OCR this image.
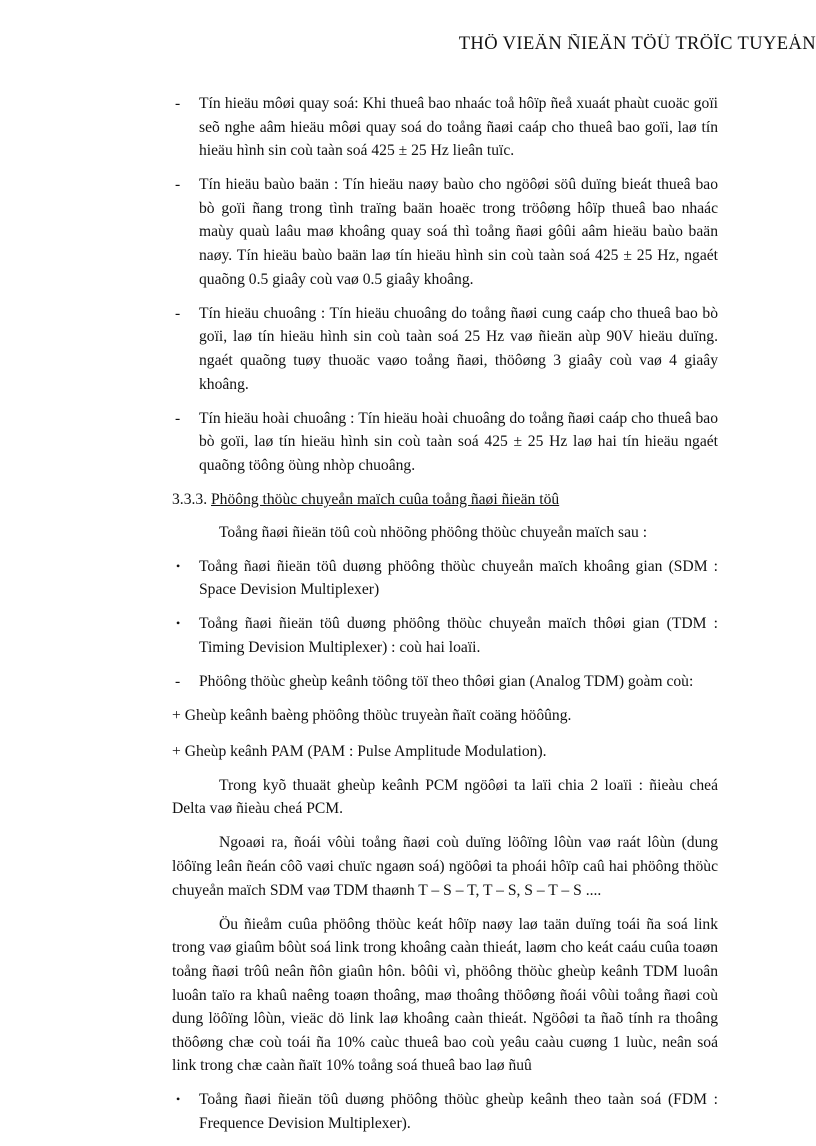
THÖ VIEÄN ÑIEÄN TÖÛ TRÖÏC TUYEÁN
- Tín hieäu môøi quay soá: Khi thueâ bao nhaác toå hôïp ñeå xuaát phaùt cuoäc goïi seõ nghe aâm hieäu môøi quay soá do toång ñaøi caáp cho thueâ bao goïi, laø tín hieäu hình sin coù taàn soá 425 ± 25 Hz lieân tuïc.
- Tín hieäu baùo baän : Tín hieäu naøy baùo cho ngöôøi söû duïng bieát thueâ bao bò goïi ñang trong tình traïng baän hoaëc trong tröôøng hôïp thueâ bao nhaác maùy quaù laâu maø khoâng quay soá thì toång ñaøi gôûi aâm hieäu baùo baän naøy. Tín hieäu baùo baän laø tín hieäu hình sin coù taàn soá 425 ± 25 Hz, ngaét quaõng 0.5 giaây coù vaø 0.5 giaây khoâng.
- Tín hieäu chuoâng : Tín hieäu chuoâng do toång ñaøi cung caáp cho thueâ bao bò goïi, laø tín hieäu hình sin coù taàn soá 25 Hz vaø ñieän aùp 90V hieäu duïng. ngaét quaõng tuøy thuoäc vaøo toång ñaøi, thöôøng 3 giaây coù vaø 4 giaây khoâng.
- Tín hieäu hoài chuoâng : Tín hieäu hoài chuoâng do toång ñaøi caáp cho thueâ bao bò goïi, laø tín hieäu hình sin coù taàn soá 425 ± 25 Hz laø hai tín hieäu ngaét quaõng töông öùng nhòp chuoâng.
3.3.3. Phöông thöùc chuyeån maïch cuûa toång ñaøi ñieän töû
Toång ñaøi ñieän töû coù nhöõng phöông thöùc chuyeån maïch sau :
• Toång ñaøi ñieän töû duøng phöông thöùc chuyeån maïch khoâng gian (SDM : Space Devision Multiplexer)
• Toång ñaøi ñieän töû duøng phöông thöùc chuyeån maïch thôøi gian (TDM : Timing Devision Multiplexer) : coù hai loaïi.
- Phöông thöùc gheùp keânh töông töï theo thôøi gian (Analog TDM) goàm coù:
+ Gheùp keânh baèng phöông thöùc truyeàn ñaït coäng höôûng.
+ Gheùp keânh PAM (PAM : Pulse Amplitude Modulation).
Trong kyõ thuaät gheùp keânh PCM ngöôøi ta laïi chia 2 loaïi : ñieàu cheá Delta vaø ñieàu cheá PCM.
Ngoaøi ra, ñoái vôùi toång ñaøi coù duïng löôïng lôùn vaø raát lôùn (dung löôïng leân ñeán côõ vaøi chuïc ngaøn soá) ngöôøi ta phoái hôïp caû hai phöông thöùc chuyeån maïch SDM vaø TDM thaønh T – S – T, T – S, S – T – S ....
Öu ñieåm cuûa phöông thöùc keát hôïp naøy laø taän duïng toái ña soá link trong vaø giaûm bôùt soá link trong khoâng caàn thieát, laøm cho keát caáu cuûa toaøn toång ñaøi trôû neân ñôn giaûn hôn. bôûi vì, phöông thöùc gheùp keânh TDM luoân luoân taïo ra khaû naêng toaøn thoâng, maø thoâng thöôøng ñoái vôùi toång ñaøi coù dung löôïng lôùn, vieäc dö link laø khoâng caàn thieát. Ngöôøi ta ñaõ tính ra thoâng thöôøng chæ coù toái ña 10% caùc thueâ bao coù yeâu caàu cuøng 1 luùc, neân soá link trong chæ caàn ñaït 10% toång soá thueâ bao laø ñuû
• Toång ñaøi ñieän töû duøng phöông thöùc gheùp keânh theo taàn soá (FDM : Frequence Devision Multiplexer).
